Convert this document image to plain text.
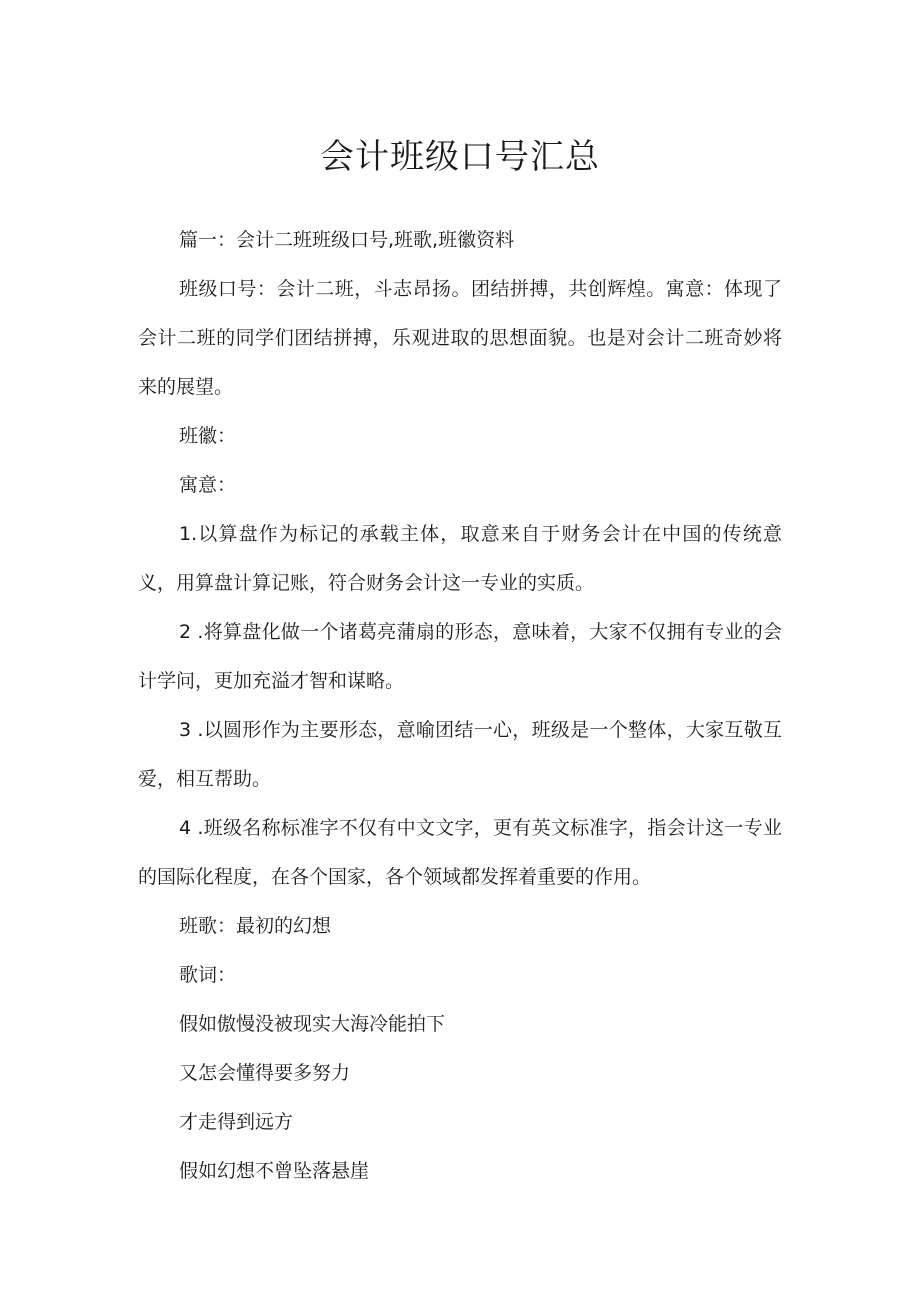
会计班级口号汇总

篇一：会计二班班级口号,班歌,班徽资料

班级口号：会计二班，斗志昂扬。团结拼搏，共创辉煌。寓意：体现了会计二班的同学们团结拼搏，乐观进取的思想面貌。也是对会计二班奇妙将来的展望。

班徽：

寓意：

1.以算盘作为标记的承载主体，取意来自于财务会计在中国的传统意义，用算盘计算记账，符合财务会计这一专业的实质。

2 .将算盘化做一个诸葛亮蒲扇的形态，意味着，大家不仅拥有专业的会计学问，更加充溢才智和谋略。

3 .以圆形作为主要形态，意喻团结一心，班级是一个整体，大家互敬互爱，相互帮助。

4 .班级名称标准字不仅有中文文字，更有英文标准字，指会计这一专业的国际化程度，在各个国家，各个领域都发挥着重要的作用。

班歌：最初的幻想

歌词：

假如傲慢没被现实大海冷能拍下

又怎会懂得要多努力

才走得到远方

假如幻想不曾坠落悬崖
